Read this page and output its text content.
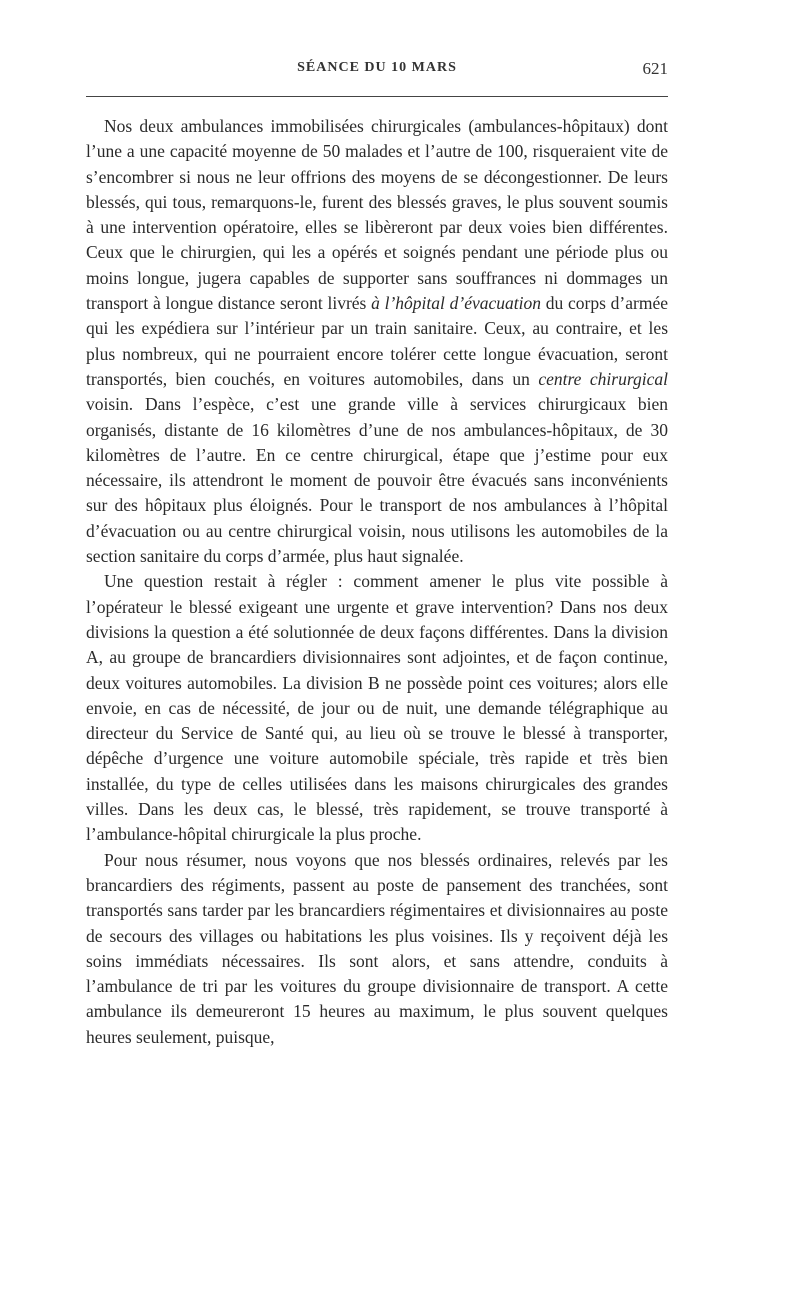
SÉANCE DU 10 MARS	621

Nos deux ambulances immobilisées chirurgicales (ambulances-hôpitaux) dont l’une a une capacité moyenne de 50 malades et l’autre de 100, risqueraient vite de s’encombrer si nous ne leur offrions des moyens de se décongestionner. De leurs blessés, qui tous, remarquons-le, furent des blessés graves, le plus souvent soumis à une intervention opératoire, elles se libèreront par deux voies bien différentes. Ceux que le chirurgien, qui les a opérés et soignés pendant une période plus ou moins longue, jugera capables de supporter sans souffrances ni dommages un transport à longue distance seront livrés à l’hôpital d’évacuation du corps d’armée qui les expédiera sur l’intérieur par un train sanitaire. Ceux, au contraire, et les plus nombreux, qui ne pourraient encore tolérer cette longue évacuation, seront transportés, bien couchés, en voitures automobiles, dans un centre chirurgical voisin. Dans l’espèce, c’est une grande ville à services chirurgicaux bien organisés, distante de 16 kilomètres d’une de nos ambulances-hôpitaux, de 30 kilomètres de l’autre. En ce centre chirurgical, étape que j’estime pour eux nécessaire, ils attendront le moment de pouvoir être évacués sans inconvénients sur des hôpitaux plus éloignés. Pour le transport de nos ambulances à l’hôpital d’évacuation ou au centre chirurgical voisin, nous utilisons les automobiles de la section sanitaire du corps d’armée, plus haut signalée.

Une question restait à régler : comment amener le plus vite possible à l’opérateur le blessé exigeant une urgente et grave intervention? Dans nos deux divisions la question a été solutionnée de deux façons différentes. Dans la division A, au groupe de brancardiers divisionnaires sont adjointes, et de façon continue, deux voitures automobiles. La division B ne possède point ces voitures; alors elle envoie, en cas de nécessité, de jour ou de nuit, une demande télégraphique au directeur du Service de Santé qui, au lieu où se trouve le blessé à transporter, dépêche d’urgence une voiture automobile spéciale, très rapide et très bien installée, du type de celles utilisées dans les maisons chirurgicales des grandes villes. Dans les deux cas, le blessé, très rapidement, se trouve transporté à l’ambulance-hôpital chirurgicale la plus proche.

Pour nous résumer, nous voyons que nos blessés ordinaires, relevés par les brancardiers des régiments, passent au poste de pansement des tranchées, sont transportés sans tarder par les brancardiers régimentaires et divisionnaires au poste de secours des villages ou habitations les plus voisines. Ils y reçoivent déjà les soins immédiats nécessaires. Ils sont alors, et sans attendre, conduits à l’ambulance de tri par les voitures du groupe divisionnaire de transport. A cette ambulance ils demeureront 15 heures au maximum, le plus souvent quelques heures seulement, puisque,
